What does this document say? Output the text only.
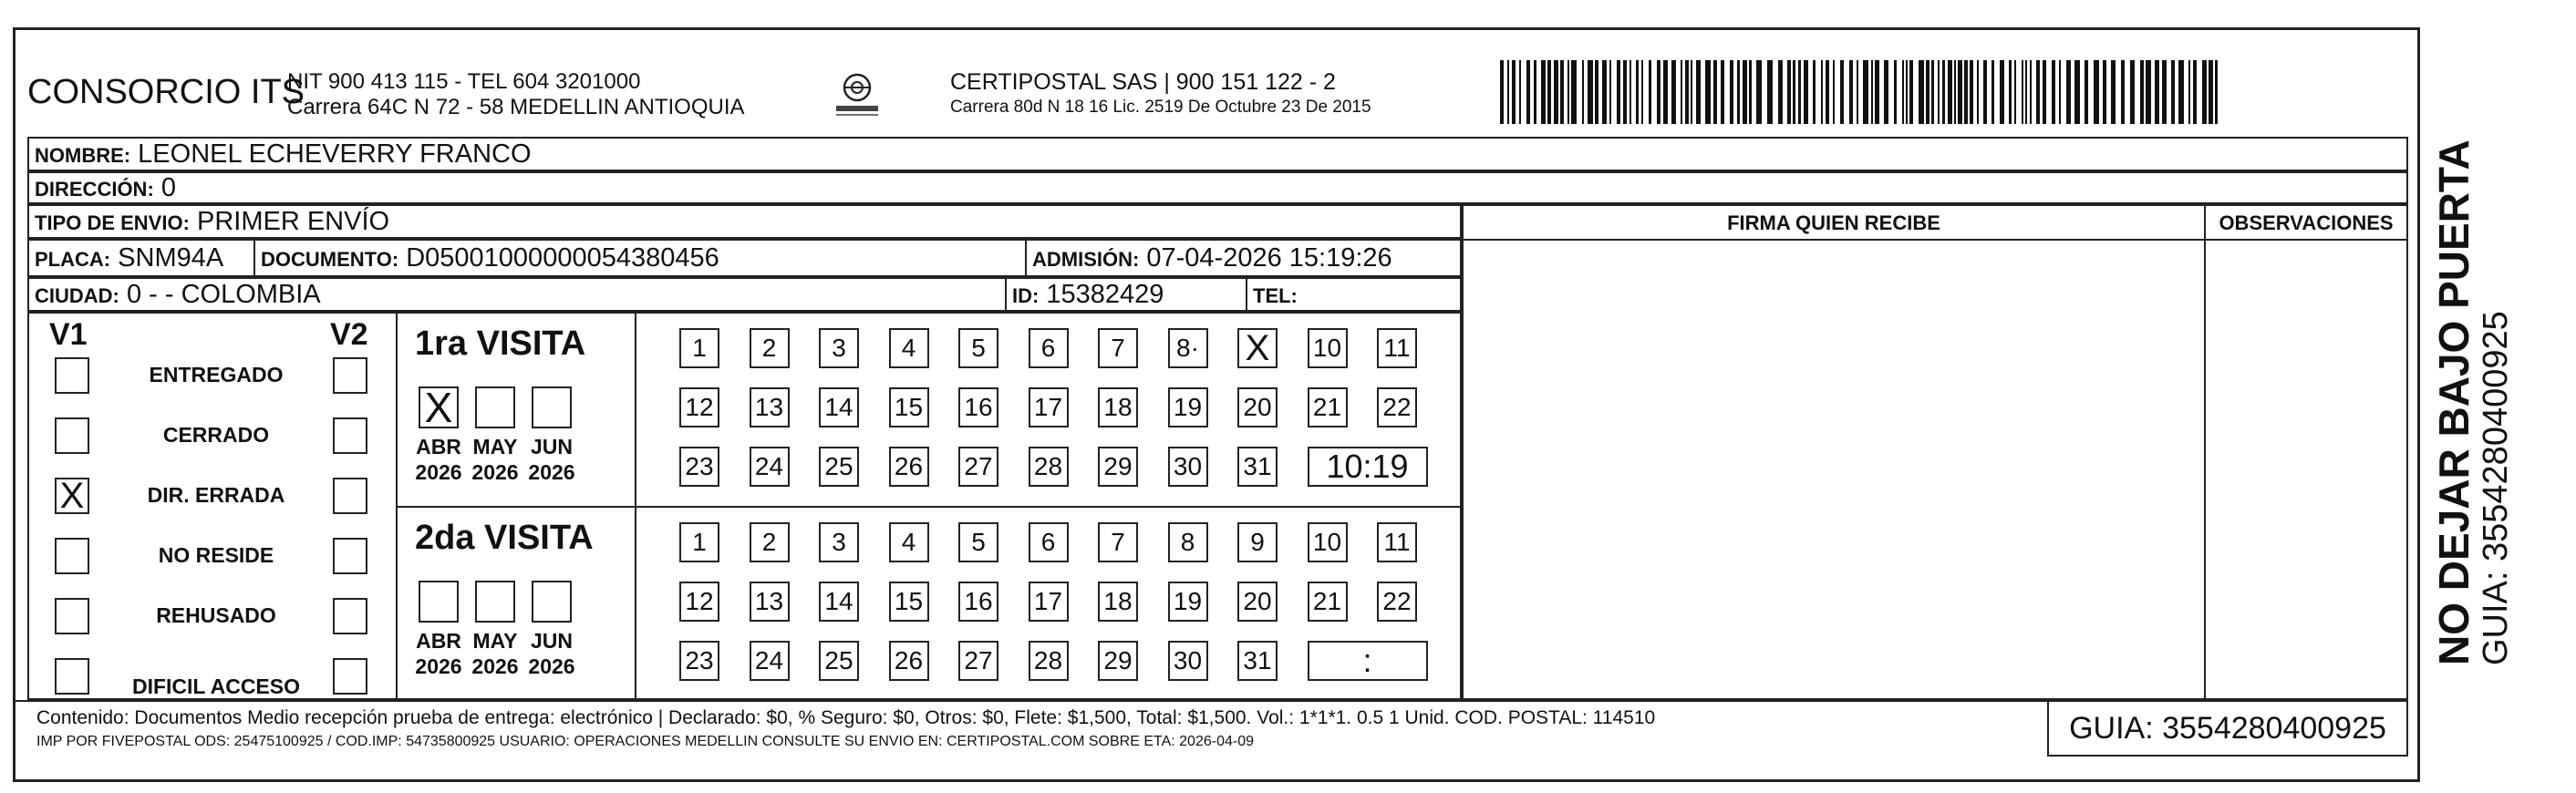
CONSORCIO ITS
NIT 900 413 115 - TEL 604 3201000
Carrera 64C N 72 - 58 MEDELLIN ANTIOQUIA
CERTIPOSTAL SAS | 900 151 122 - 2
Carrera 80d N 18 16 Lic. 2519 De Octubre 23 De 2015
NOMBRE: LEONEL ECHEVERRY FRANCO
DIRECCIÓN: 0
TIPO DE ENVIO: PRIMER ENVÍO	FIRMA QUIEN RECIBE	OBSERVACIONES
PLACA: SNM94A DOCUMENTO: D05001000000054380456	ADMISIÓN: 07-04-2026 15:19:26
CIUDAD: 0 - - COLOMBIA	ID: 15382429	TEL:
V1	V2
ENTREGADO
CERRADO
X	DIR. ERRADA
NO RESIDE
REHUSADO
DIFICIL ACCESO
1ra VISITA
X
ABR
2026
MAY
2026
JUN
2026
1	2	3	4	5	6	7	8· X	10 11
12 13 14 15 16 17 18 19 20 21 22
23 24 25 26 27 28 29 30 31	10:19
2da VISITA
ABR
2026
MAY
2026
JUN
2026
1	2	3	4	5	6	7	8	9	10 11
12 13 14 15 16 17 18 19 20 21 22
23 24 25 26 27 28 29 30 31	:
Contenido: Documentos Medio recepción prueba de entrega: electrónico | Declarado: $0, % Seguro: $0, Otros: $0, Flete: $1,500, Total: $1,500. Vol.: 1*1*1. 0.5 1 Unid. COD. POSTAL: 114510
IMP POR FIVEPOSTAL ODS: 25475100925 / COD.IMP: 54735800925 USUARIO: OPERACIONES MEDELLIN CONSULTE SU ENVIO EN: CERTIPOSTAL.COM SOBRE ETA: 2026-04-09	GUIA: 3554280400925
NO DEJAR BAJO PUERTA GUIA: 3554280400925
